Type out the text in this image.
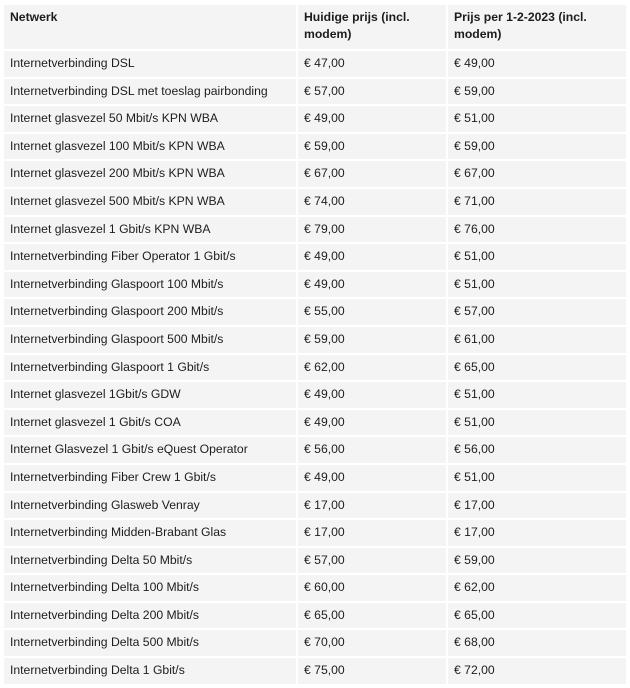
Netwerk	Huidige prijs (incl. modem)	Prijs per 1-2-2023 (incl. modem)
Internetverbinding DSL	€ 47,00	€ 49,00
Internetverbinding DSL met toeslag pairbonding	€ 57,00	€ 59,00
Internet glasvezel 50 Mbit/s KPN WBA	€ 49,00	€ 51,00
Internet glasvezel 100 Mbit/s KPN WBA	€ 59,00	€ 59,00
Internet glasvezel 200 Mbit/s KPN WBA	€ 67,00	€ 67,00
Internet glasvezel 500 Mbit/s KPN WBA	€ 74,00	€ 71,00
Internet glasvezel 1 Gbit/s KPN WBA	€ 79,00	€ 76,00
Internetverbinding Fiber Operator 1 Gbit/s	€ 49,00	€ 51,00
Internetverbinding Glaspoort 100 Mbit/s	€ 49,00	€ 51,00
Internetverbinding Glaspoort 200 Mbit/s	€ 55,00	€ 57,00
Internetverbinding Glaspoort 500 Mbit/s	€ 59,00	€ 61,00
Internetverbinding Glaspoort 1 Gbit/s	€ 62,00	€ 65,00
Internet glasvezel 1Gbit/s GDW	€ 49,00	€ 51,00
Internet glasvezel 1 Gbit/s COA	€ 49,00	€ 51,00
Internet Glasvezel 1 Gbit/s eQuest Operator	€ 56,00	€ 56,00
Internetverbinding Fiber Crew 1 Gbit/s	€ 49,00	€ 51,00
Internetverbinding Glasweb Venray	€ 17,00	€ 17,00
Internetverbinding Midden-Brabant Glas	€ 17,00	€ 17,00
Internetverbinding Delta 50 Mbit/s	€ 57,00	€ 59,00
Internetverbinding Delta 100 Mbit/s	€ 60,00	€ 62,00
Internetverbinding Delta 200 Mbit/s	€ 65,00	€ 65,00
Internetverbinding Delta 500 Mbit/s	€ 70,00	€ 68,00
Internetverbinding Delta 1 Gbit/s	€ 75,00	€ 72,00
